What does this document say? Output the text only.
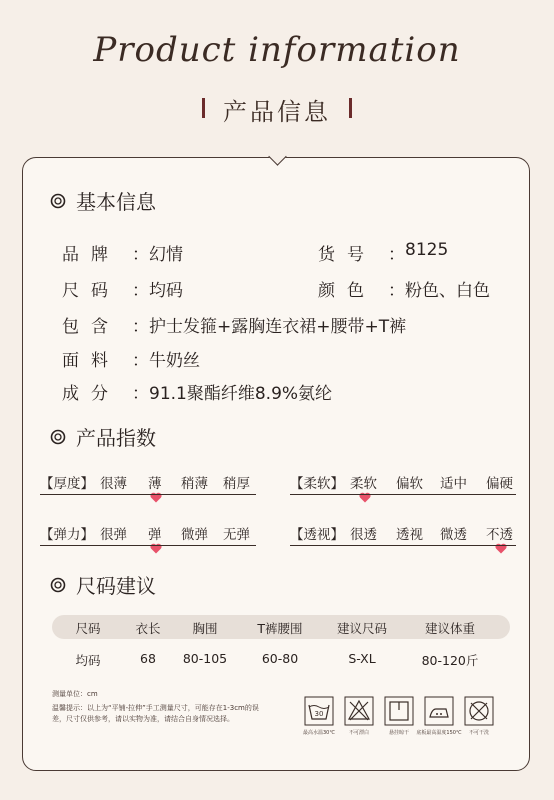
Product information
产品信息
基本信息
品牌 ： 幻情	货号 ： 8125
尺码 ： 均码	颜色 ： 粉色、白色
包含 ： 护士发箍+露胸连衣裙+腰带+T裤
面料 ： 牛奶丝
成分 ： 91.1聚酯纤维8.9%氨纶
产品指数
【厚度】 很薄 薄 稍薄 稍厚	【柔软】 柔软 偏软 适中 偏硬
【弹力】 很弹 弹 微弹 无弹	【透视】 很透 透视 微透 不透
尺码建议
尺码	衣长	胸围	T裤腰围	建议尺码	建议体重
均码	68	80-105	60-80	S-XL	80-120斤
测量单位：cm
温馨提示：以上为“平铺-拉伸”手工测量尺寸，可能存在1-3cm的误差，尺寸仅供参考，请以实物为准，请结合自身情况选择。
30
最高水温30℃	不可漂白	悬挂晾干	底板最高温度150℃	不可干洗
